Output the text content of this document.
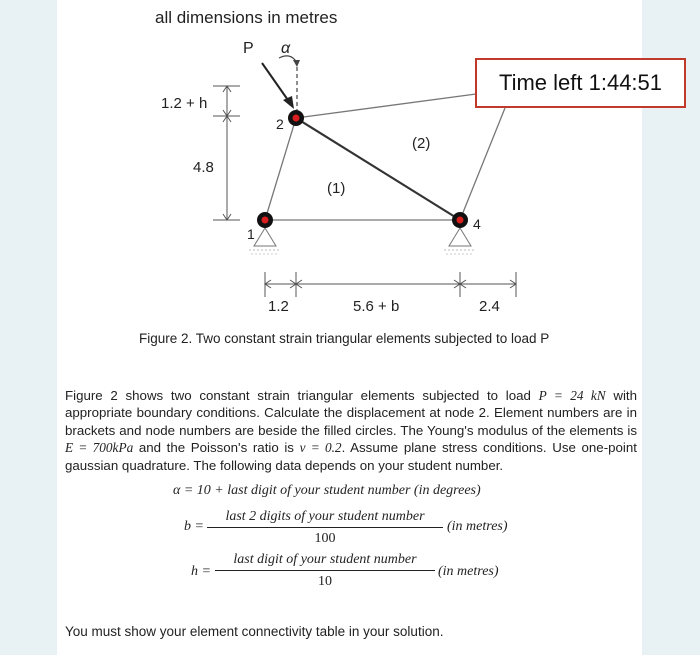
all dimensions in metres
P α
1.2 + h
4.8
(1)
(2)
1
2
4
1.2	5.6 + b	2.4
Time left 1:44:51
Figure 2. Two constant strain triangular elements subjected to load P
Figure 2 shows two constant strain triangular elements subjected to load P = 24 kN with appropriate boundary conditions. Calculate the displacement at node 2. Element numbers are in brackets and node numbers are beside the filled circles. The Young's modulus of the elements is E = 700kPa and the Poisson's ratio is v = 0.2. Assume plane stress conditions. Use one-point gaussian quadrature. The following data depends on your student number.
α = 10 + last digit of your student number (in degrees)
b =
last 2 digits of your student number
100
(in metres)
h =
last digit of your student number
10
(in metres)
You must show your element connectivity table in your solution.
